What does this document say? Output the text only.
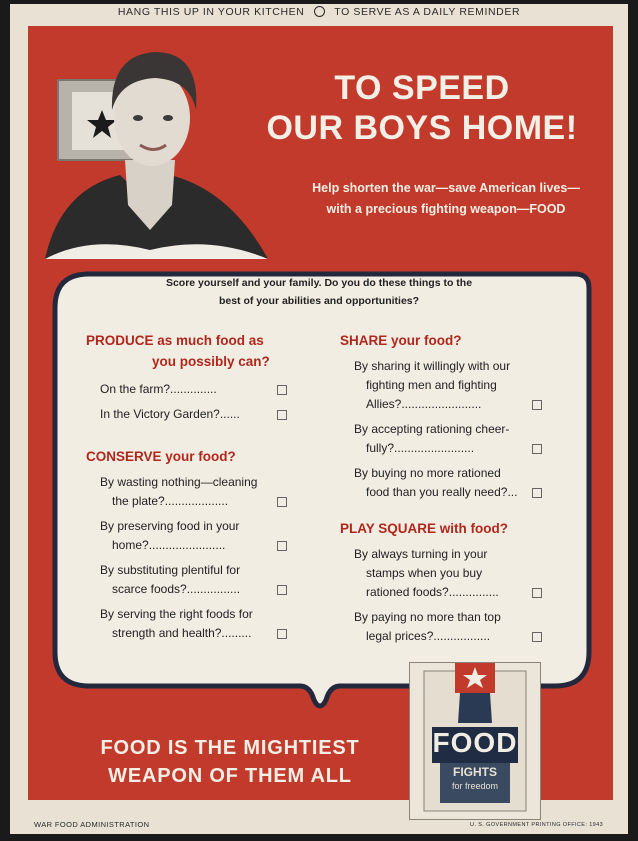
HANG THIS UP IN YOUR KITCHEN	TO SERVE AS A DAILY REMINDER
TO SPEED
OUR BOYS HOME!
Help shorten the war—save American lives—
with a precious fighting weapon—FOOD
Score yourself and your family. Do you do these things to the
best of your abilities and opportunities?
PRODUCE as much food as
you possibly can?
On the farm?..............
In the Victory Garden?......
CONSERVE your food?
By wasting nothing—cleaning
the plate?...................
By preserving food in your
home?.......................
By substituting plentiful for
scarce foods?................
By serving the right foods for
strength and health?.........
SHARE your food?
By sharing it willingly with our
fighting men and fighting
Allies?........................
By accepting rationing cheer-
fully?........................
By buying no more rationed
food than you really need?...
PLAY SQUARE with food?
By always turning in your
stamps when you buy
rationed foods?...............
By paying no more than top
legal prices?.................
FOOD IS THE MIGHTIEST
WEAPON OF THEM ALL
FOOD
FIGHTS
for freedom
WAR FOOD ADMINISTRATION	U. S. GOVERNMENT PRINTING OFFICE: 1943
